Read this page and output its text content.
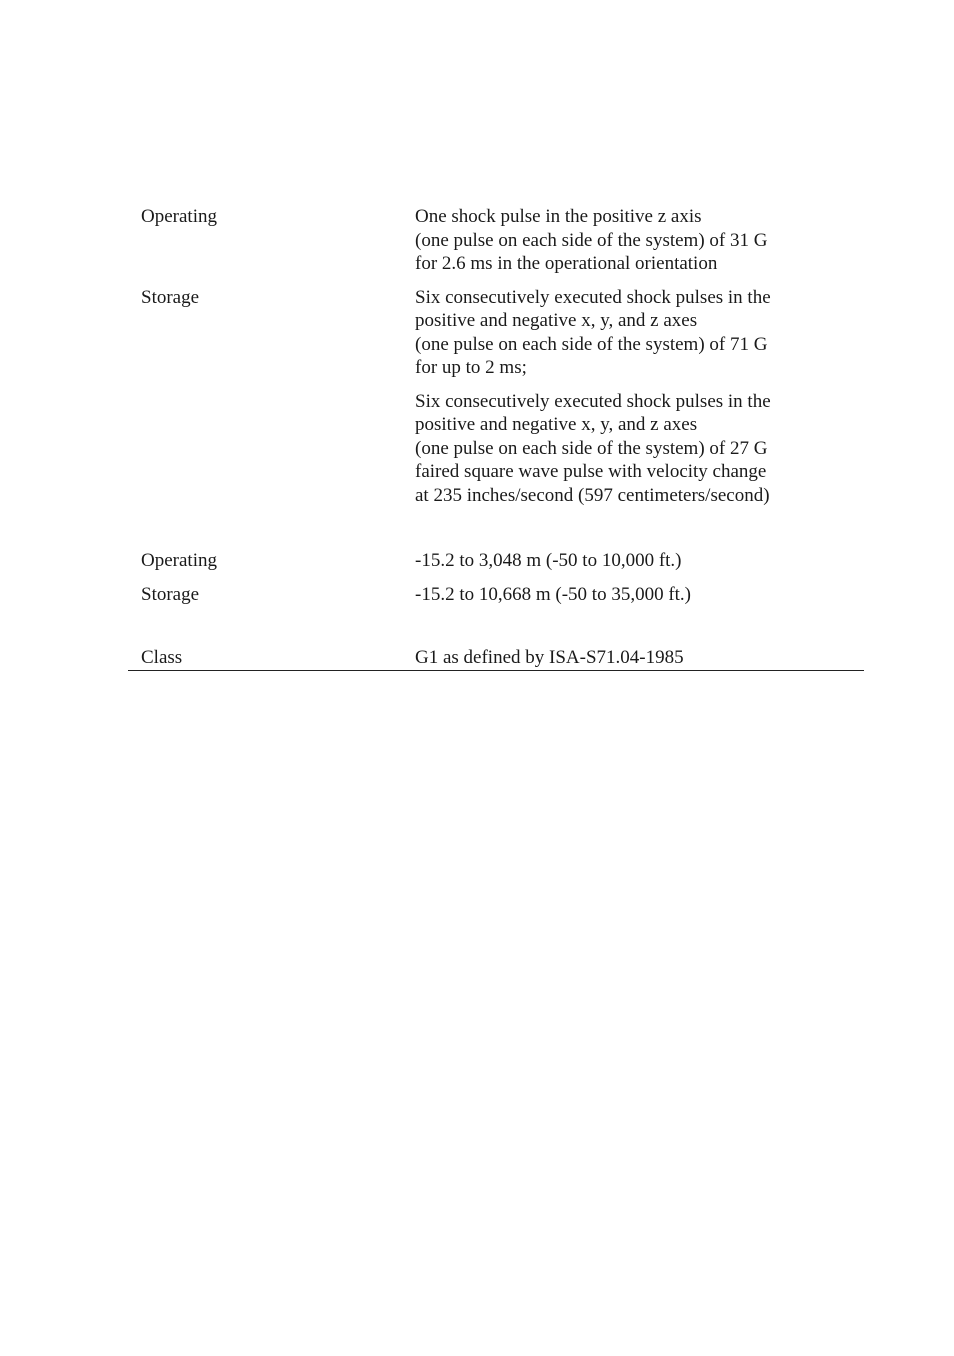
Operating	One shock pulse in the positive z axis
(one pulse on each side of the system) of 31 G
for 2.6 ms in the operational orientation
Storage	Six consecutively executed shock pulses in the
positive and negative x, y, and z axes
(one pulse on each side of the system) of 71 G
for up to 2 ms;
Six consecutively executed shock pulses in the
positive and negative x, y, and z axes
(one pulse on each side of the system) of 27 G
faired square wave pulse with velocity change
at 235 inches/second (597 centimeters/second)
Operating	-15.2 to 3,048 m (-50 to 10,000 ft.)
Storage	-15.2 to 10,668 m (-50 to 35,000 ft.)
Class	G1 as defined by ISA-S71.04-1985
